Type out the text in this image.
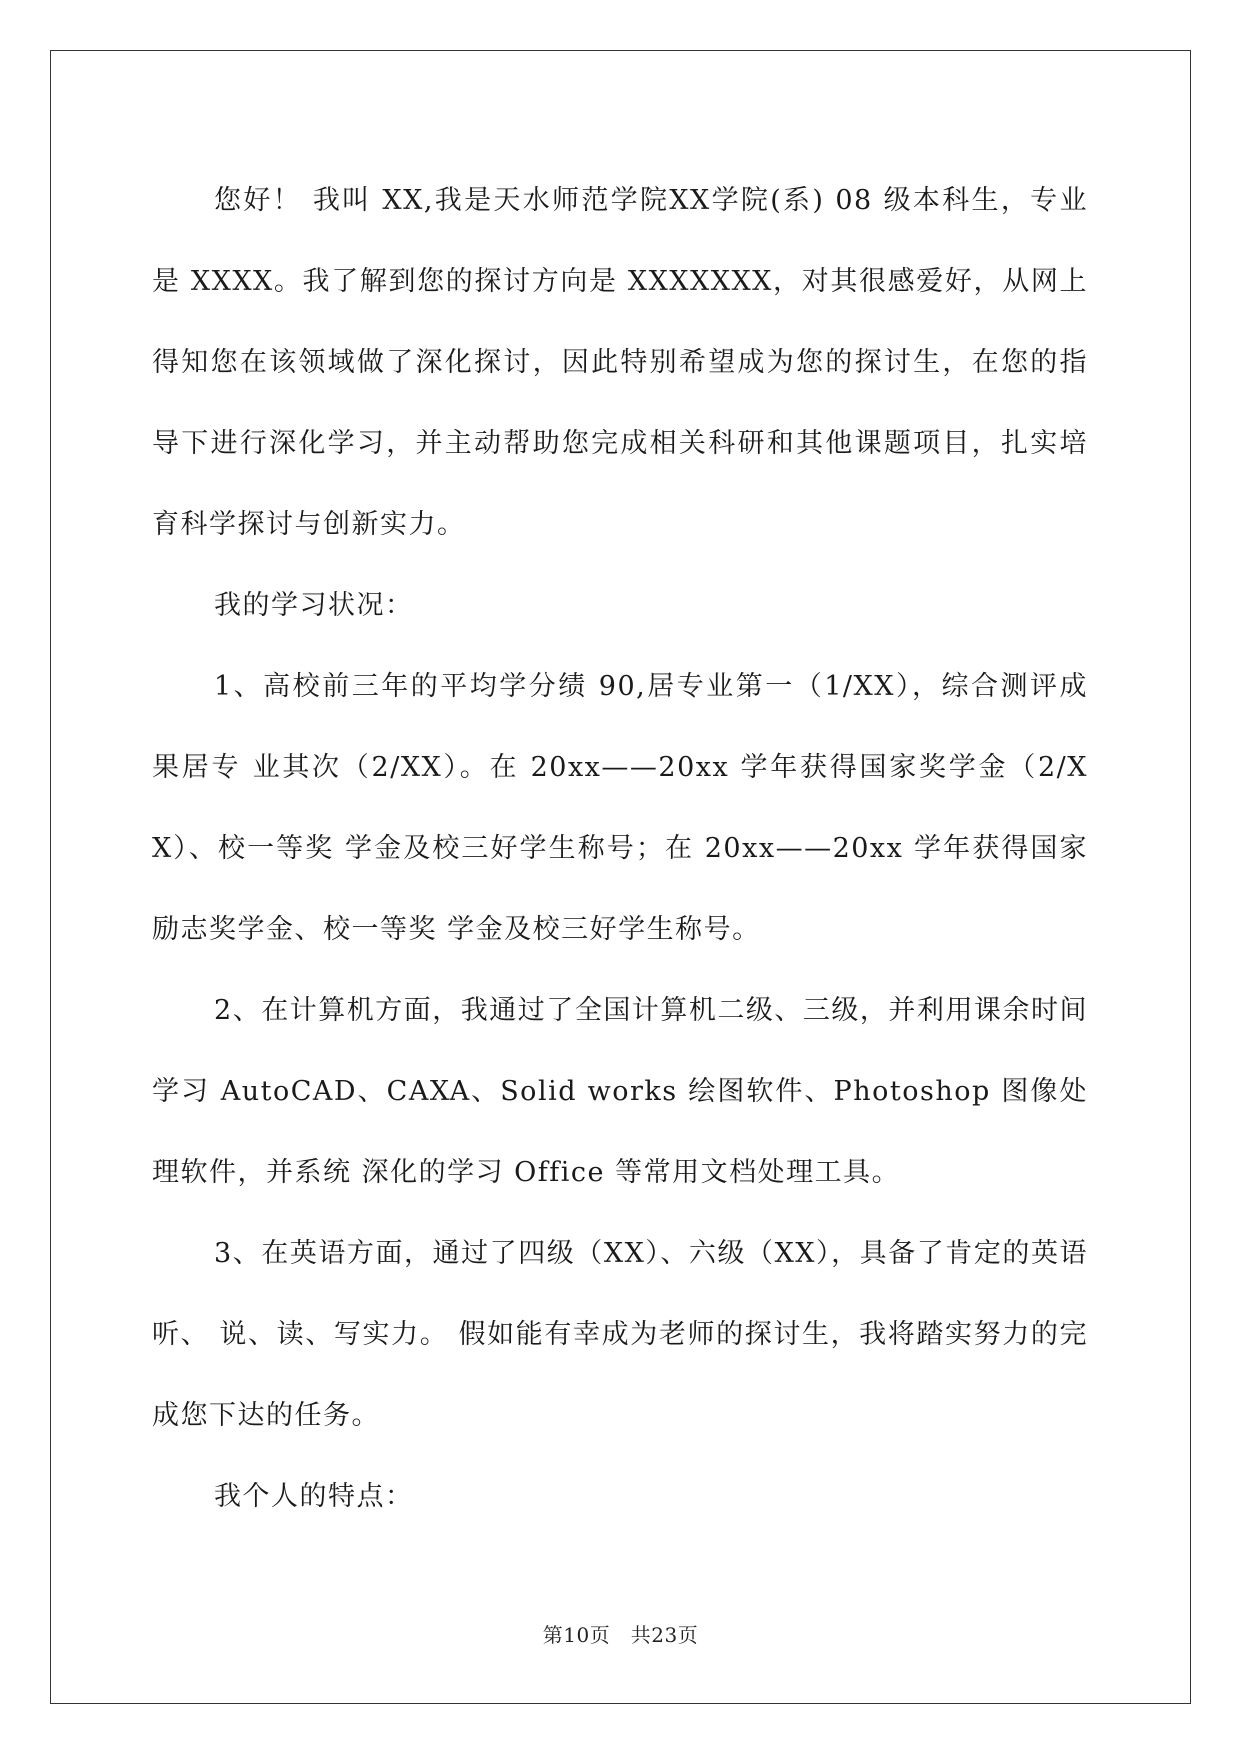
您好！ 我叫 XX,我是天水师范学院XX学院(系) 08 级本科生，专业是 XXXX。我了解到您的探讨方向是 XXXXXXX，对其很感爱好，从网上得知您在该领域做了深化探讨，因此特别希望成为您的探讨生，在您的指导下进行深化学习，并主动帮助您完成相关科研和其他课题项目，扎实培育科学探讨与创新实力。

我的学习状况：

1、高校前三年的平均学分绩 90,居专业第一（1/XX），综合测评成果居专 业其次（2/XX）。在 20xx——20xx 学年获得国家奖学金（2/XX）、校一等奖 学金及校三好学生称号；在 20xx——20xx 学年获得国家励志奖学金、校一等奖 学金及校三好学生称号。

2、在计算机方面，我通过了全国计算机二级、三级，并利用课余时间学习 AutoCAD、CAXA、Solid works 绘图软件、Photoshop 图像处理软件，并系统 深化的学习 Office 等常用文档处理工具。

3、在英语方面，通过了四级（XX）、六级（XX），具备了肯定的英语听、 说、读、写实力。 假如能有幸成为老师的探讨生，我将踏实努力的完成您下达的任务。

我个人的特点：

第10页　共23页
